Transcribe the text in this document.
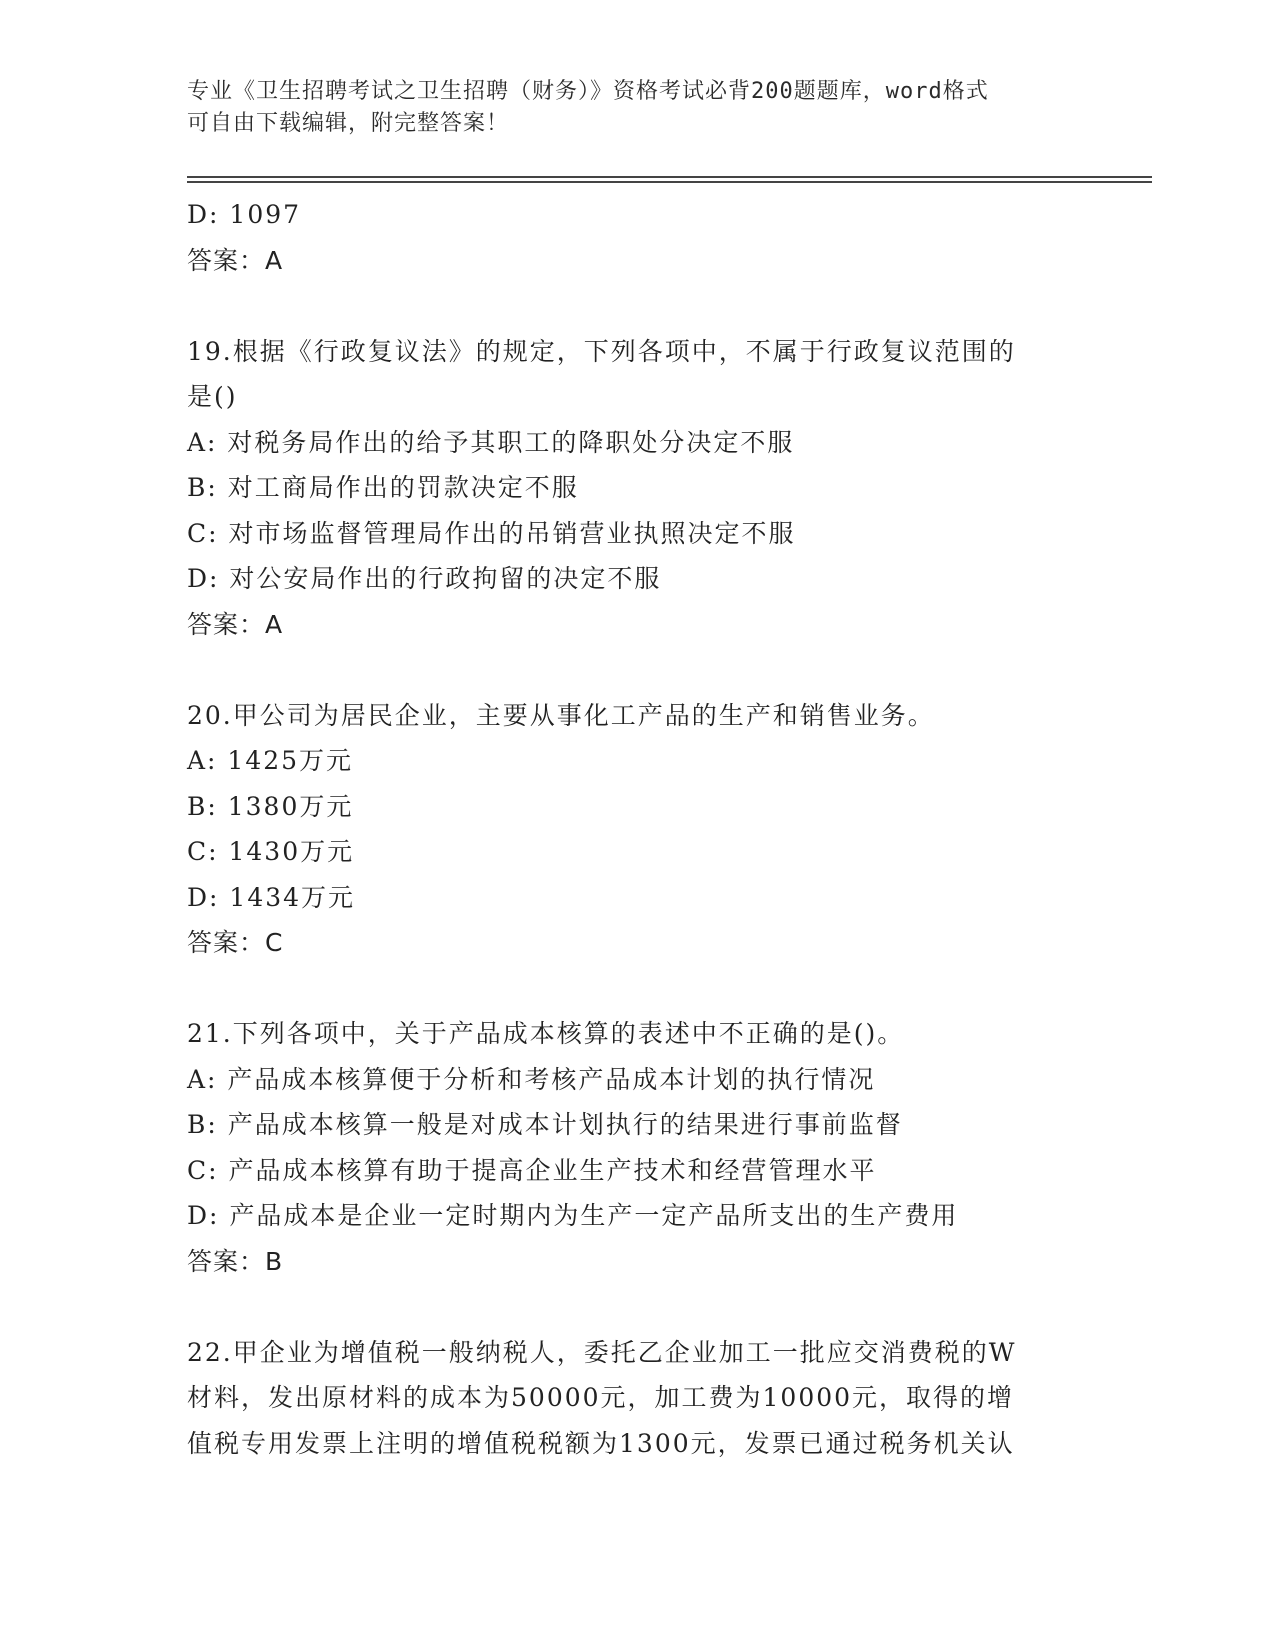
专业《卫生招聘考试之卫生招聘（财务）》资格考试必背200题题库，word格式
可自由下载编辑，附完整答案！
D: 1097
答案：A
19.根据《行政复议法》的规定，下列各项中，不属于行政复议范围的
是()
A: 对税务局作出的给予其职工的降职处分决定不服
B: 对工商局作出的罚款决定不服
C: 对市场监督管理局作出的吊销营业执照决定不服
D: 对公安局作出的行政拘留的决定不服
答案：A
20.甲公司为居民企业，主要从事化工产品的生产和销售业务。
A: 1425万元
B: 1380万元
C: 1430万元
D: 1434万元
答案：C
21.下列各项中，关于产品成本核算的表述中不正确的是()。
A: 产品成本核算便于分析和考核产品成本计划的执行情况
B: 产品成本核算一般是对成本计划执行的结果进行事前监督
C: 产品成本核算有助于提高企业生产技术和经营管理水平
D: 产品成本是企业一定时期内为生产一定产品所支出的生产费用
答案：B
22.甲企业为增值税一般纳税人，委托乙企业加工一批应交消费税的W
材料，发出原材料的成本为50000元，加工费为10000元，取得的增
值税专用发票上注明的增值税税额为1300元，发票已通过税务机关认
